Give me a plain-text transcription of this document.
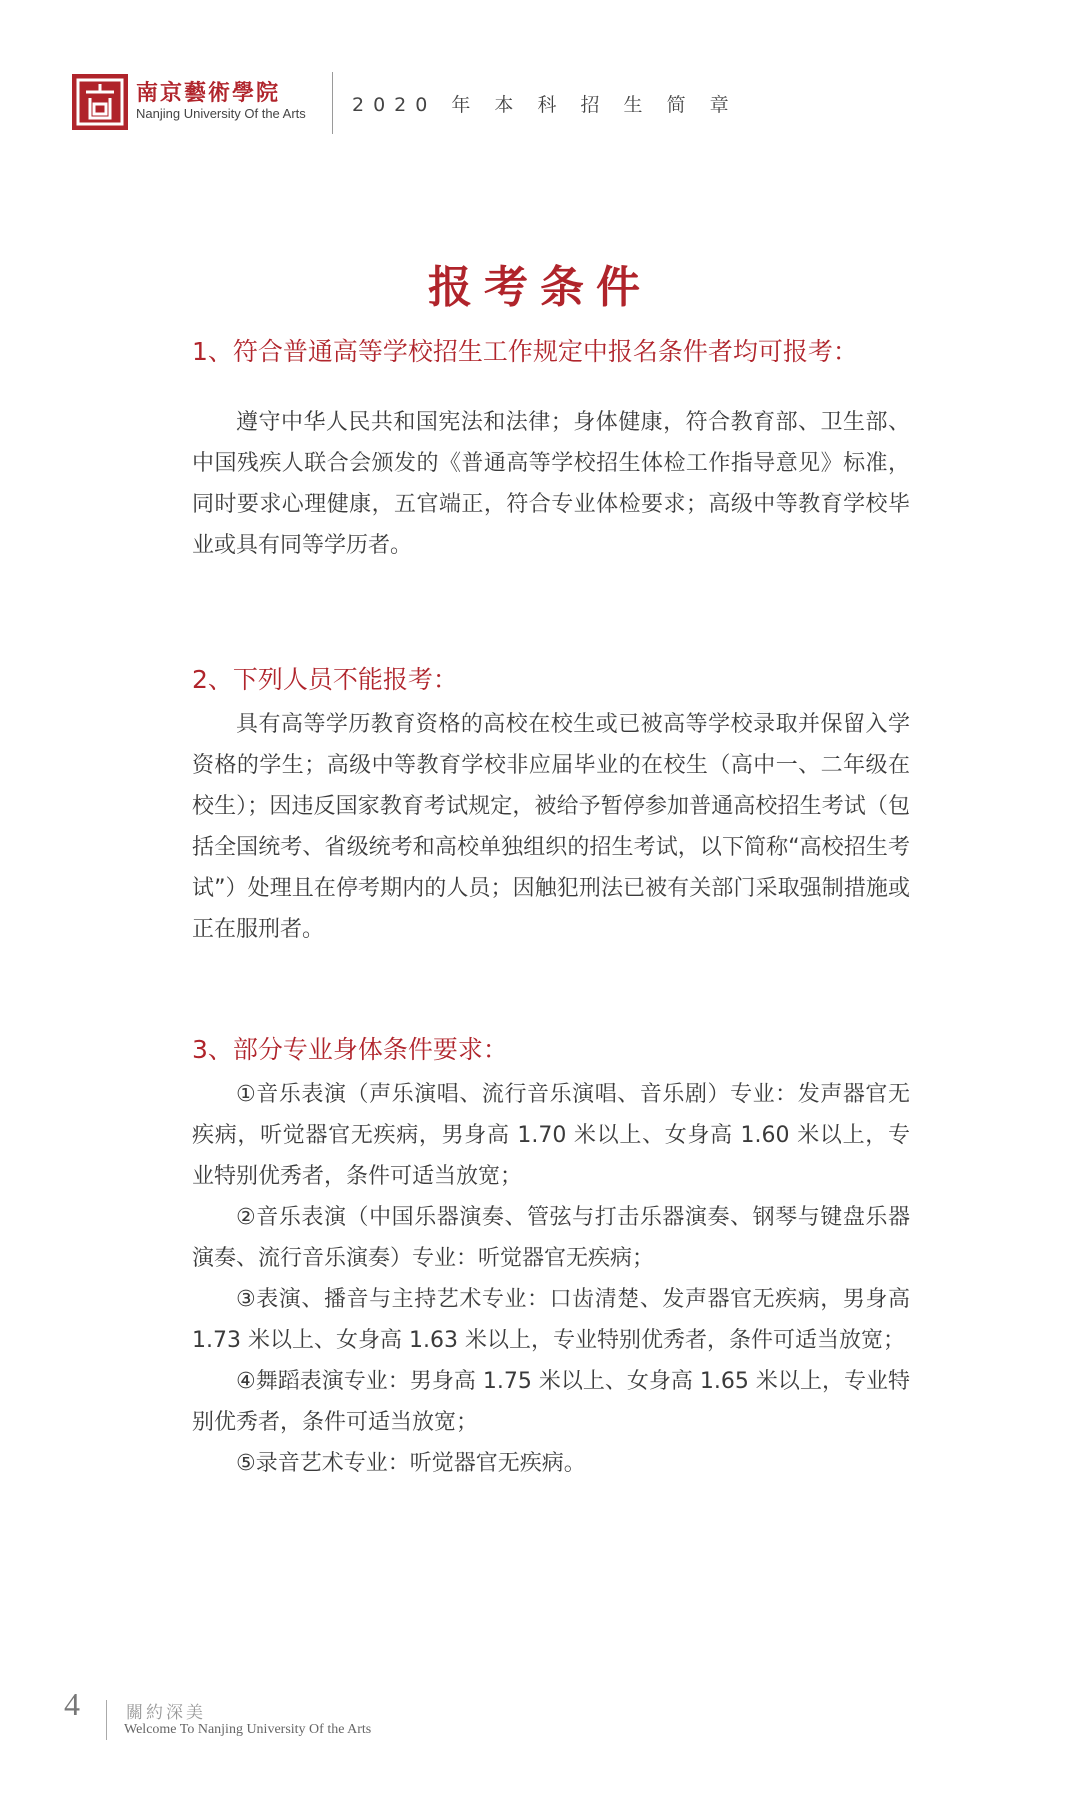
南京藝術學院
Nanjing University Of the Arts 2020 年 本 科 招 生 简 章
报考条件
1、符合普通高等学校招生工作规定中报名条件者均可报考：

遵守中华人民共和国宪法和法律；身体健康，符合教育部、卫生部、中国残疾人联合会颁发的《普通高等学校招生体检工作指导意见》标准，同时要求心理健康，五官端正，符合专业体检要求；高级中等教育学校毕业或具有同等学历者。

2、下列人员不能报考：

具有高等学历教育资格的高校在校生或已被高等学校录取并保留入学资格的学生；高级中等教育学校非应届毕业的在校生（高中一、二年级在校生）；因违反国家教育考试规定，被给予暂停参加普通高校招生考试（包括全国统考、省级统考和高校单独组织的招生考试，以下简称“高校招生考试”）处理且在停考期内的人员；因触犯刑法已被有关部门采取强制措施或正在服刑者。

3、部分专业身体条件要求：

①音乐表演（声乐演唱、流行音乐演唱、音乐剧）专业：发声器官无疾病，听觉器官无疾病，男身高 1.70 米以上、女身高 1.60 米以上，专业特别优秀者，条件可适当放宽；

②音乐表演（中国乐器演奏、管弦与打击乐器演奏、钢琴与键盘乐器演奏、流行音乐演奏）专业：听觉器官无疾病；

③表演、播音与主持艺术专业：口齿清楚、发声器官无疾病，男身高 1.73 米以上、女身高 1.63 米以上，专业特别优秀者，条件可适当放宽；

④舞蹈表演专业：男身高 1.75 米以上、女身高 1.65 米以上，专业特别优秀者，条件可适当放宽；

⑤录音艺术专业：听觉器官无疾病。

4	關約深美
Welcome To Nanjing University Of the Arts
